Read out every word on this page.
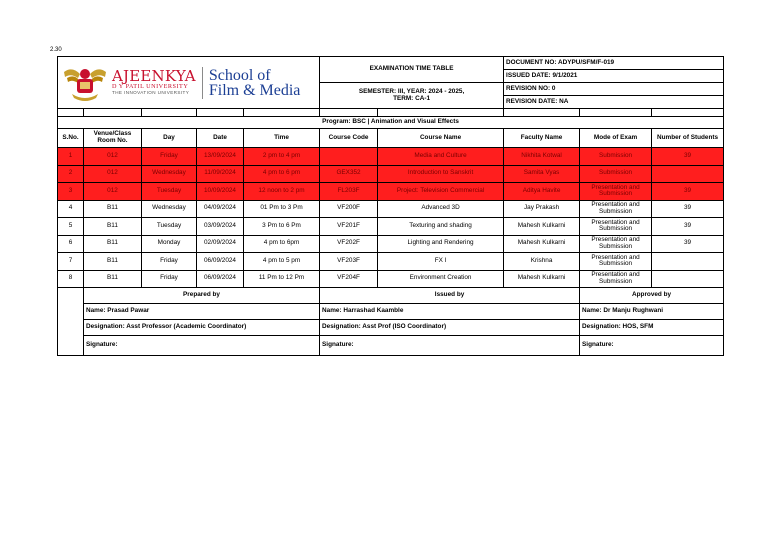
2.30
AJEENKYA
D Y PATIL UNIVERSITY
THE INNOVATION UNIVERSITY
School of
Film & Media					EXAMINATION TIME TABLE		DOCUMENT NO: ADYPU/SFM/F-019		
							ISSUED DATE: 9/1/2021		

					SEMESTER: III, YEAR: 2024 - 2025,
TERM: CA-1		REVISION NO: 0		
							REVISION DATE: NA		

Program: BSC | Animation and Visual Effects									
S.No.	Venue/Class Room No.	Day	Date	Time	Course Code	Course Name	Faculty Name	Mode of Exam	Number of Students
1	012	Friday	13/09/2024	2 pm to 4 pm		Media and Culture	Nikhita Kotwal	Submission	39
2	012	Wednesday	11/09/2024	4 pm to 6 pm	GEX352	Introduction to Sanskrit	Samita Vyas	Submission	
3	012	Tuesday	10/09/2024	12 noon to 2 pm	FL203F	Project: Television Commercial	Aditya Havite	Presentation and Submission	39
4	B11	Wednesday	04/09/2024	01 Pm to 3 Pm	VF200F	Advanced 3D	Jay Prakash	Presentation and Submission	39
5	B11	Tuesday	03/09/2024	3 Pm to 6 Pm	VF201F	Texturing and shading	Mahesh Kulkarni	Presentation and Submission	39
6	B11	Monday	02/09/2024	4 pm to 6pm	VF202F	Lighting and Rendering	Mahesh Kulkarni	Presentation and Submission	39
7	B11	Friday	06/09/2024	4 pm to 5 pm	VF203F	FX I	Krishna	Presentation and Submission	
8	B11	Friday	06/09/2024	11 Pm to 12 Pm	VF204F	Environment Creation	Mahesh Kulkarni	Presentation and Submission	
	Prepared by				Issued by			Approved by	
	Name: Prasad Pawar				Name: Harrashad Kaamble			Name: Dr Manju Rughwani	
	Designation: Asst Professor (Academic Coordinator)				Designation: Asst Prof (ISO Coordinator)			Designation: HOS, SFM	
	Signature:				Signature:			Signature:	
